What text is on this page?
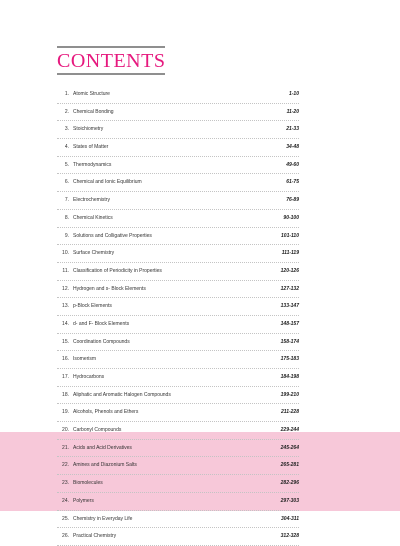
CONTENTS
1. Atomic Structure	1-10
2. Chemical Bonding	11-20
3. Stoichiometry	21-33
4. States of Matter	34-48
5. Thermodynamics	49-60
6. Chemical and Ionic Equilibrium	61-75
7. Electrochemistry	76-89
8. Chemical Kinetics	90-100
9. Solutions and Colligative Properties	101-110
10. Surface Chemistry	111-119
11. Classification of Periodicity in Properties	120-126
12. Hydrogen and s- Block Elements	127-132
13. p-Block Elements	133-147
14. d- and F- Block Elements	148-157
15. Coordination Compounds	158-174
16. Isomerism	175-183
17. Hydrocarbons	184-198
18. Aliphatic and Aromatic Halogen Compounds	199-210
19. Alcohols, Phenols and Ethers	211-228
20. Carbonyl Compounds	229-244
21. Acids and Acid Derivatives	245-264
22. Amines and Diazonium Salts	265-281
23. Biomolecules	282-296
24. Polymers	297-303
25. Chemistry in Everyday Life	304-311
26. Practical Chemistry	312-328
